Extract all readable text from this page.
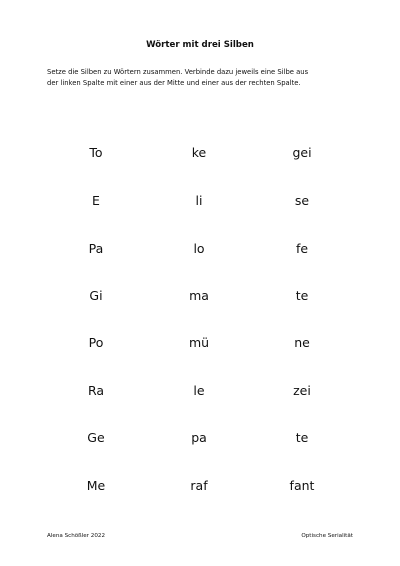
Wörter mit drei Silben
Setze die Silben zu Wörtern zusammen. Verbinde dazu jeweils eine Silbe aus
der linken Spalte mit einer aus der Mitte und einer aus der rechten Spalte.
To
E
Pa
Gi
Po
Ra
Ge
Me
ke
li
lo
ma
mü
le
pa
raf
gei
se
fe
te
ne
zei
te
fant
Alena Schößler 2022	Optische Serialität
